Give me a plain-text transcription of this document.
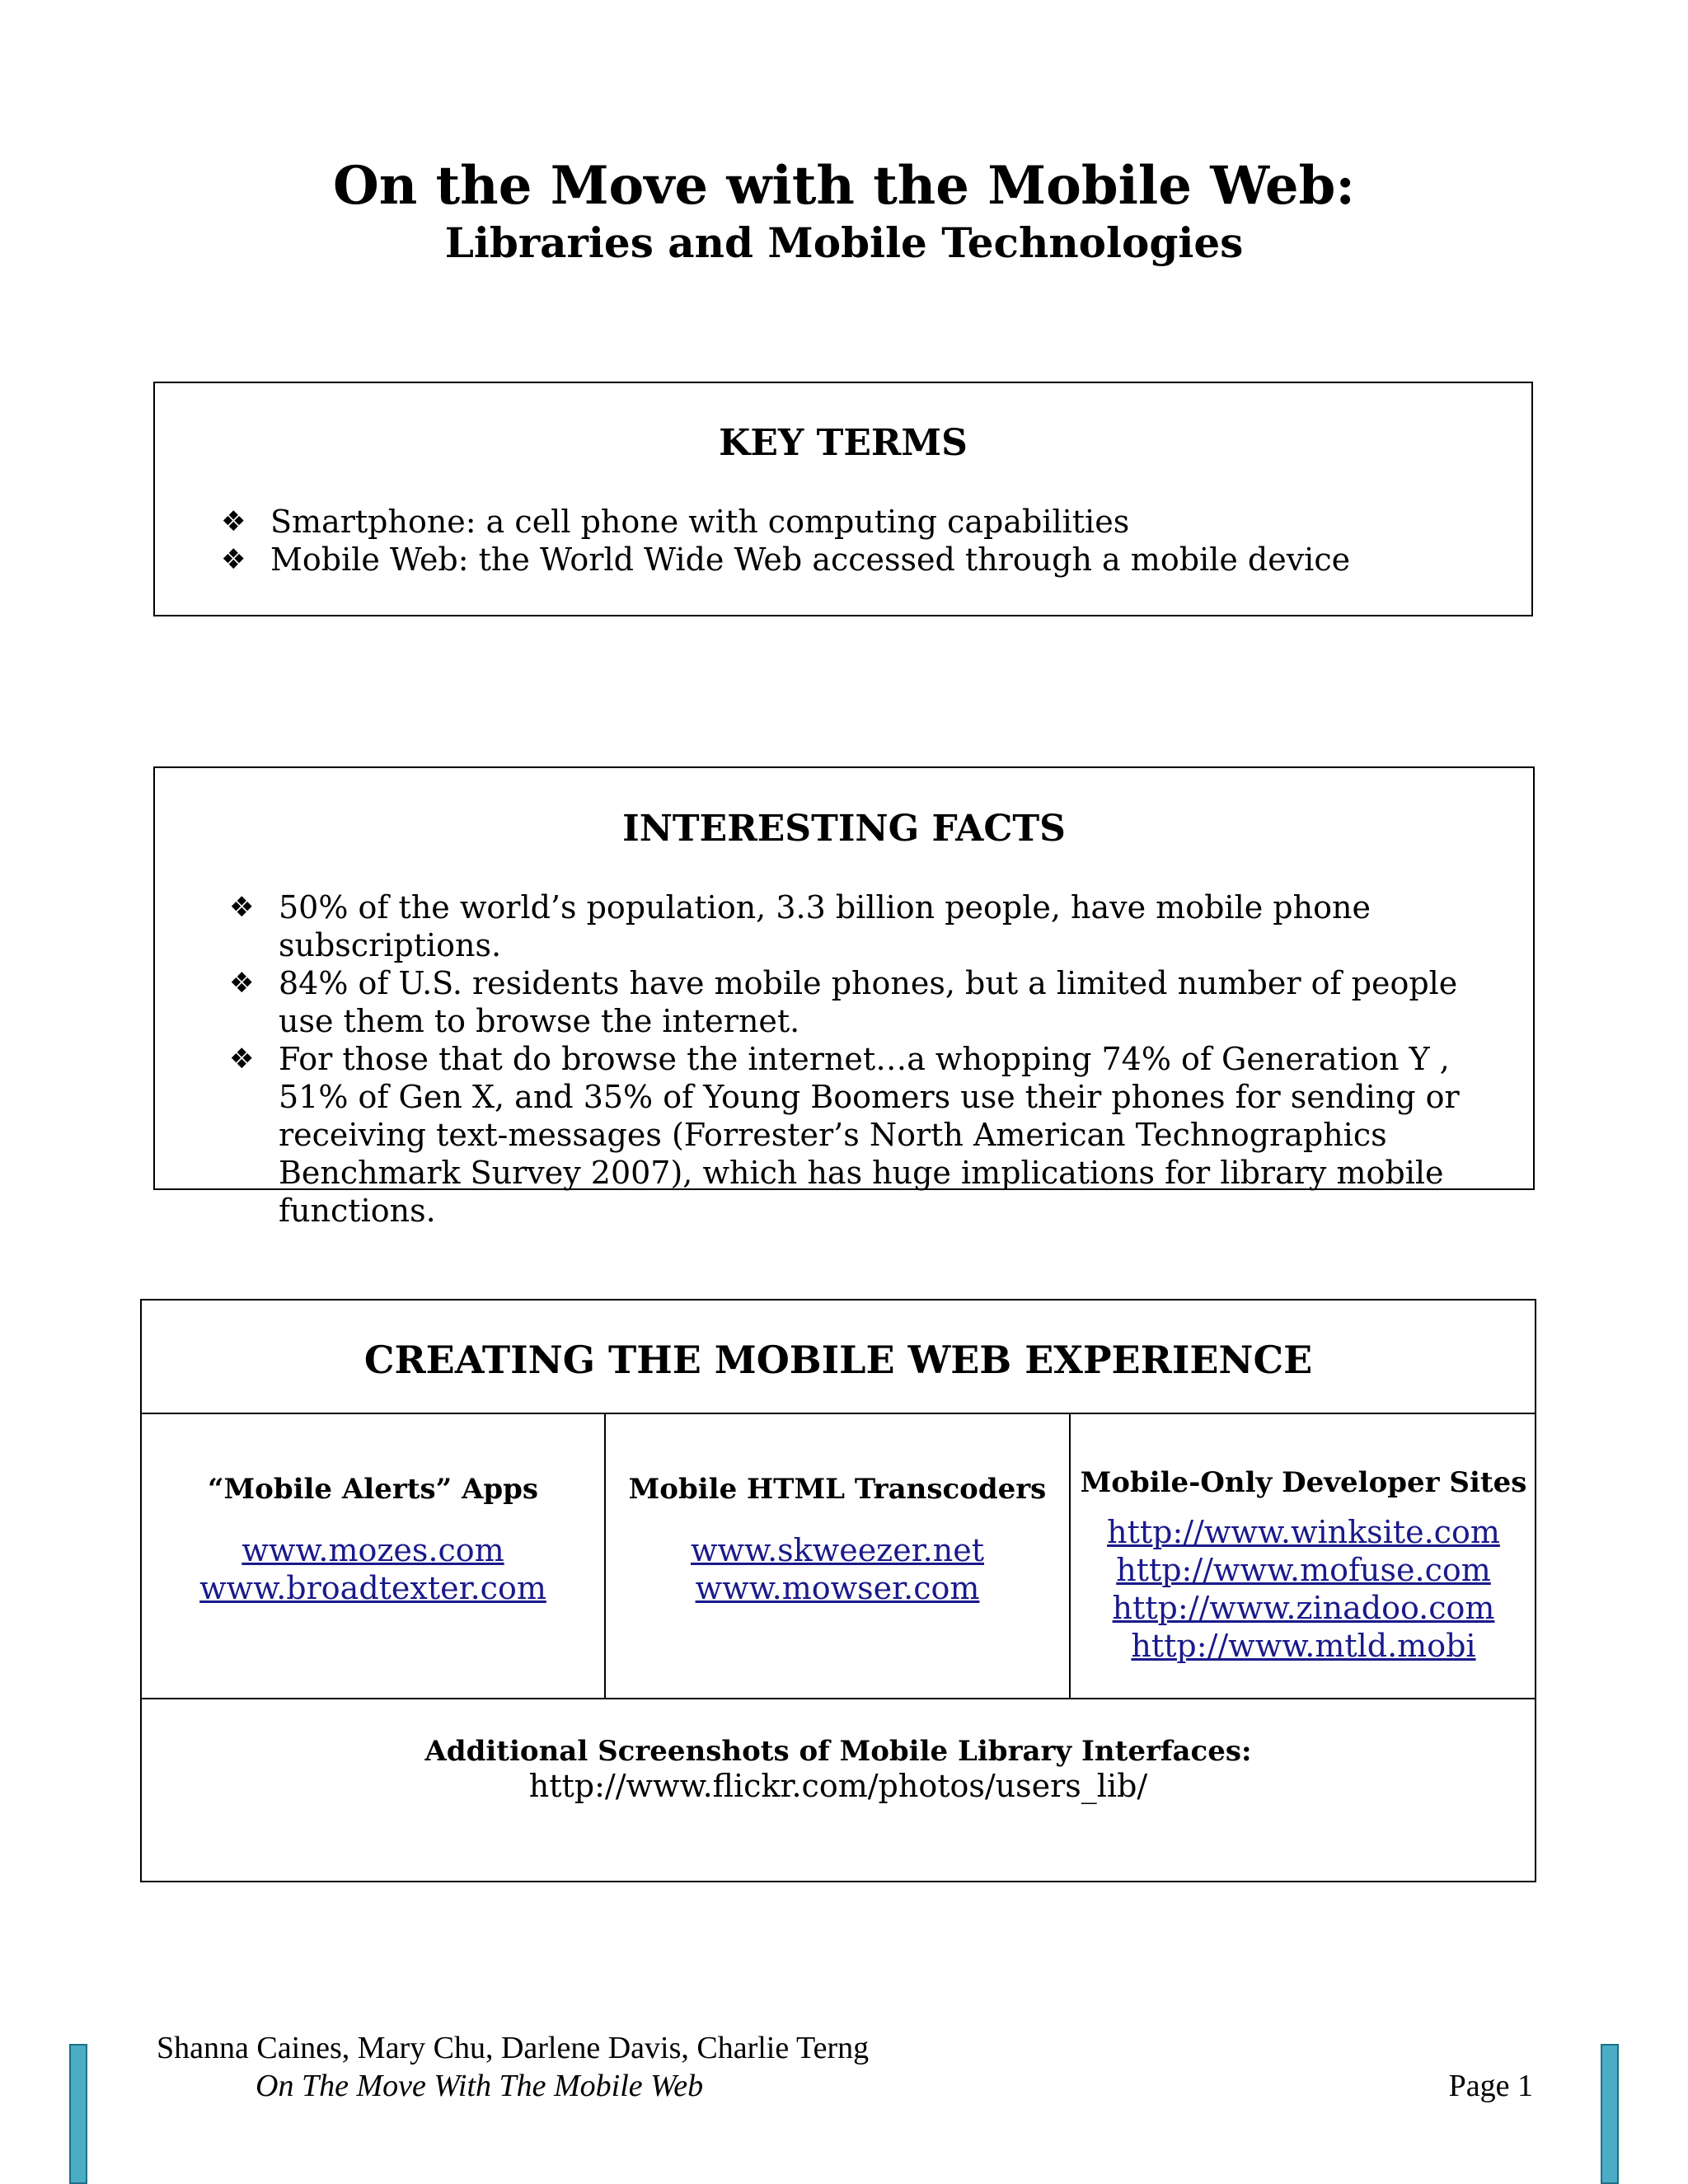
On the Move with the Mobile Web:
Libraries and Mobile Technologies
KEY TERMS
❖ Smartphone: a cell phone with computing capabilities
❖ Mobile Web: the World Wide Web accessed through a mobile device
INTERESTING FACTS
❖ 50% of the world’s population, 3.3 billion people, have mobile phone subscriptions.
❖ 84% of U.S. residents have mobile phones, but a limited number of people use them to browse the internet.
❖ For those that do browse the internet…a whopping 74% of Generation Y , 51% of Gen X, and 35% of Young Boomers use their phones for sending or receiving text-messages (Forrester’s North American Technographics Benchmark Survey 2007), which has huge implications for library mobile functions.
CREATING THE MOBILE WEB EXPERIENCE
“Mobile Alerts” Apps
www.mozes.com
www.broadtexter.com
Mobile HTML Transcoders
www.skweezer.net
www.mowser.com
Mobile-Only Developer Sites
http://www.winksite.com
http://www.mofuse.com
http://www.zinadoo.com
http://www.mtld.mobi
Additional Screenshots of Mobile Library Interfaces:
http://www.flickr.com/photos/users_lib/
Shanna Caines, Mary Chu, Darlene Davis, Charlie Terng
On The Move With The Mobile Web	Page 1
